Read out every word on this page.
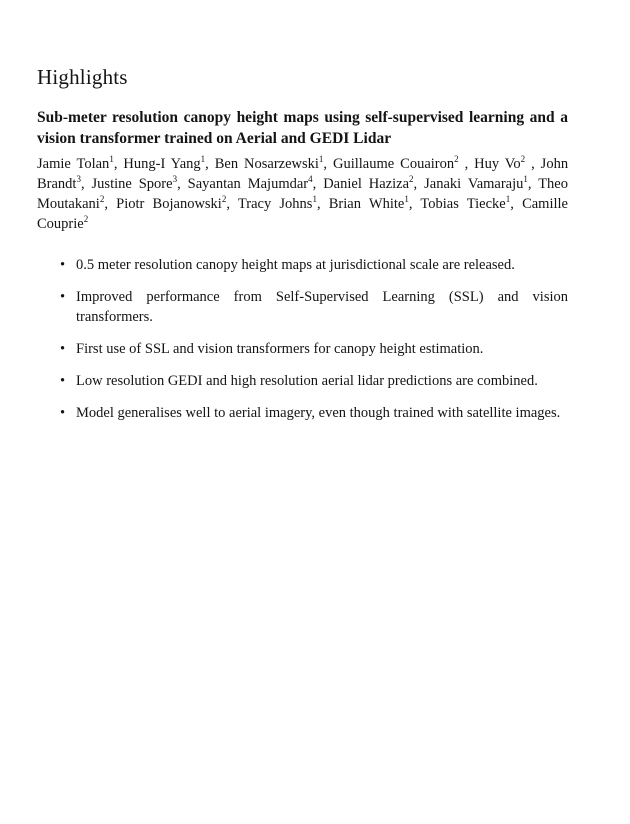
Highlights
Sub-meter resolution canopy height maps using self-supervised learning and a vision transformer trained on Aerial and GEDI Lidar

Jamie Tolan$^1$, Hung-I Yang$^1$, Ben Nosarzewski$^1$, Guillaume Couairon$^2$ , Huy Vo$^2$ , John Brandt$^3$, Justine Spore$^3$, Sayantan Majumdar$^4$, Daniel Haziza$^2$, Janaki Vamaraju$^1$, Theo Moutakani$^2$, Piotr Bojanowski$^2$, Tracy Johns$^1$, Brian White$^1$, Tobias Tiecke$^1$, Camille Couprie$^2$

• 0.5 meter resolution canopy height maps at jurisdictional scale are released.
• Improved performance from Self-Supervised Learning (SSL) and vision transformers.
• First use of SSL and vision transformers for canopy height estimation.
• Low resolution GEDI and high resolution aerial lidar predictions are combined.
• Model generalises well to aerial imagery, even though trained with satellite images.
